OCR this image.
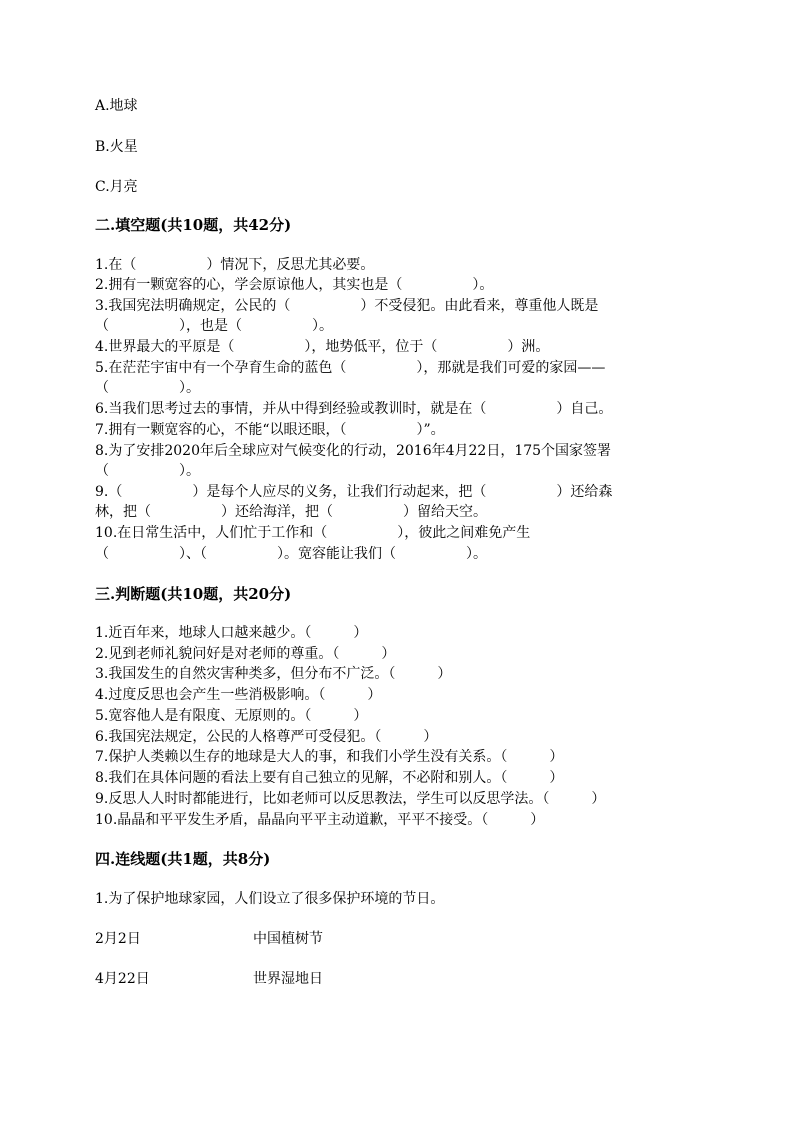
A.地球
B.火星
C.月亮
二.填空题(共10题，共42分)
1.在（　　　　　）情况下，反思尤其必要。
2.拥有一颗宽容的心，学会原谅他人，其实也是（　　　　　）。
3.我国宪法明确规定，公民的（　　　　　）不受侵犯。由此看来，尊重他人既是
（　　　　　），也是（　　　　　）。
4.世界最大的平原是（　　　　　），地势低平，位于（　　　　　）洲。
5.在茫茫宇宙中有一个孕育生命的蓝色（　　　　　），那就是我们可爱的家园——
（　　　　　）。
6.当我们思考过去的事情，并从中得到经验或教训时，就是在（　　　　　）自己。
7.拥有一颗宽容的心，不能“以眼还眼，（　　　　　）”。
8.为了安排2020年后全球应对气候变化的行动，2016年4月22日，175个国家签署
（　　　　　）。
9.（　　　　　）是每个人应尽的义务，让我们行动起来，把（　　　　　）还给森
林，把（　　　　　）还给海洋，把（　　　　　）留给天空。
10.在日常生活中，人们忙于工作和（　　　　　），彼此之间难免产生
（　　　　　）、（　　　　　）。宽容能让我们（　　　　　）。
三.判断题(共10题，共20分)
1.近百年来，地球人口越来越少。（　　　）
2.见到老师礼貌问好是对老师的尊重。（　　　）
3.我国发生的自然灾害种类多，但分布不广泛。（　　　）
4.过度反思也会产生一些消极影响。（　　　）
5.宽容他人是有限度、无原则的。（　　　）
6.我国宪法规定，公民的人格尊严可受侵犯。（　　　）
7.保护人类赖以生存的地球是大人的事，和我们小学生没有关系。（　　　）
8.我们在具体问题的看法上要有自己独立的见解，不必附和别人。（　　　）
9.反思人人时时都能进行，比如老师可以反思教法，学生可以反思学法。（　　　）
10.晶晶和平平发生矛盾，晶晶向平平主动道歉，平平不接受。（　　　）
四.连线题(共1题，共8分)
1.为了保护地球家园，人们设立了很多保护环境的节日。
2月2日	中国植树节
4月22日	世界湿地日
